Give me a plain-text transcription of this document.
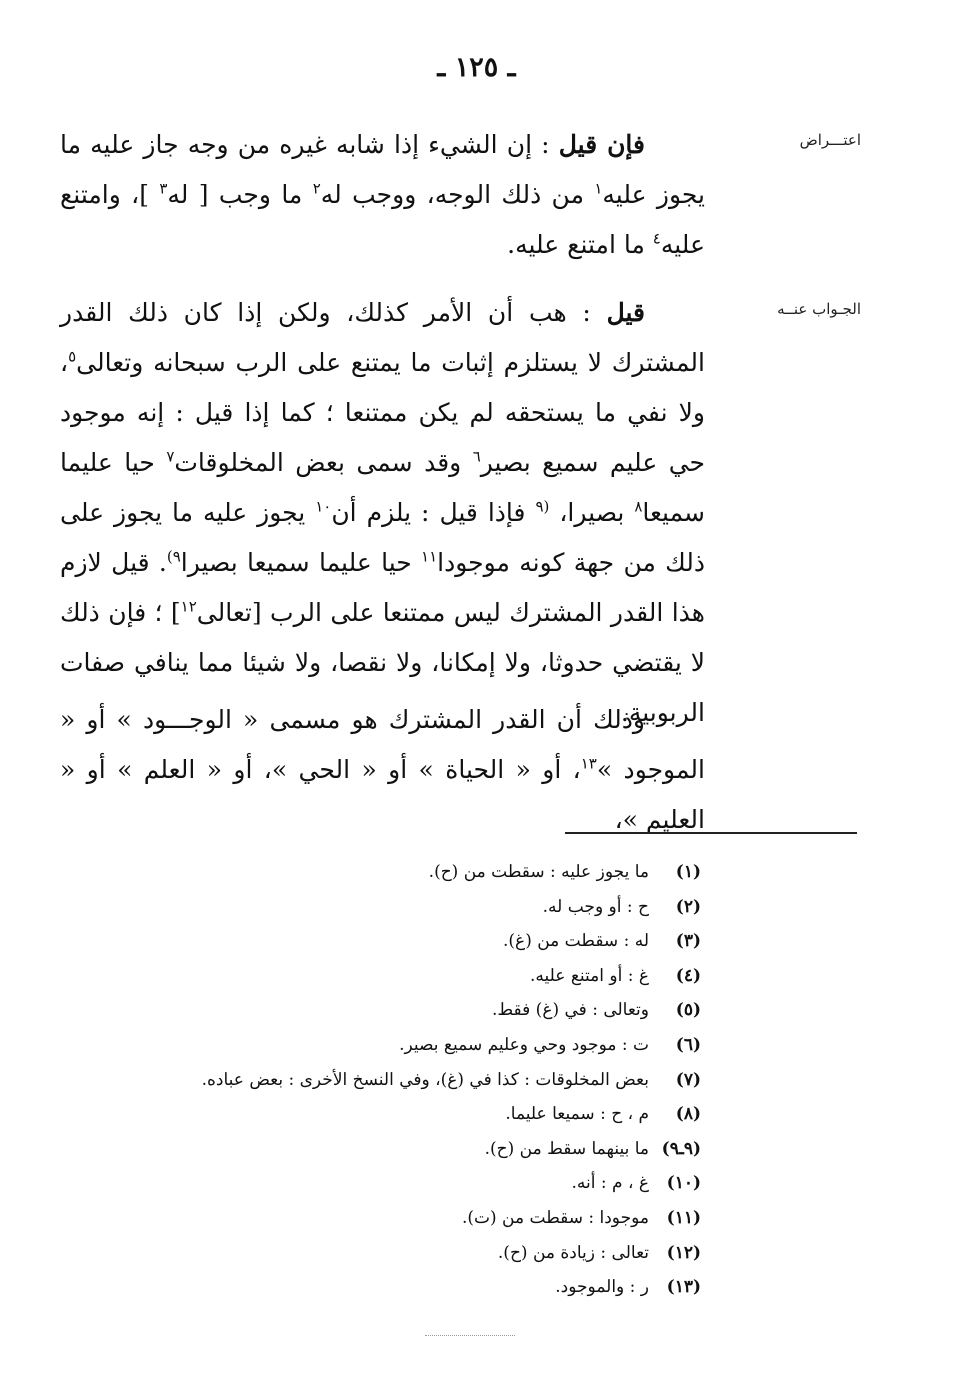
ـ ١٢٥ ـ
اعتـــراض
الجـواب عنــه

فإن قيل : إن الشيء إذا شابه غيره من وجه جاز عليه ما يجوز عليه$^١$ من ذلك الوجه، ووجب له$^٢$ ما وجب [ له$^٣$ ]، وامتنع عليه$^٤$ ما امتنع عليه.

قيل : هب أن الأمر كذلك، ولكن إذا كان ذلك القدر المشترك لا يستلزم إثبات ما يمتنع على الرب سبحانه وتعالى$^٥$، ولا نفي ما يستحقه لم يكن ممتنعا ؛ كما إذا قيل : إنه موجود حي عليم سميع بصير$^٦$ وقد سمى بعض المخلوقات$^٧$ حيا عليما سميعا$^٨$ بصيرا، $^{(٩}$ فإذا قيل : يلزم أن$^{١٠}$ يجوز عليه ما يجوز على ذلك من جهة كونه موجودا$^{١١}$ حيا عليما سميعا بصيرا$^{٩)}$. قيل لازم هذا القدر المشترك ليس ممتنعا على الرب [تعالى$^{١٢}$] ؛ فإن ذلك لا يقتضي حدوثا، ولا إمكانا، ولا نقصا، ولا شيئا مما ينافي صفات الربوبية.

وذلك أن القدر المشترك هو مسمى « الوجـــود » أو « الموجود »$^{١٣}$، أو « الحياة » أو « الحي »، أو « العلم » أو « العليم »،

(١)ما يجوز عليه : سقطت من (ح).
(٢)ح : أو وجب له.
(٣)له : سقطت من (غ).
(٤)غ : أو امتنع عليه.
(٥)وتعالى : في (غ) فقط.
(٦)ت : موجود وحي وعليم سميع بصير.
(٧)بعض المخلوقات : كذا في (غ)، وفي النسخ الأخرى : بعض عباده.
(٨)م ، ح : سميعا عليما.
(٩ـ٩)ما بينهما سقط من (ح).
(١٠)غ ، م : أنه.
(١١)موجودا : سقطت من (ت).
(١٢)تعالى : زيادة من (ح).
(١٣)ر : والموجود.
